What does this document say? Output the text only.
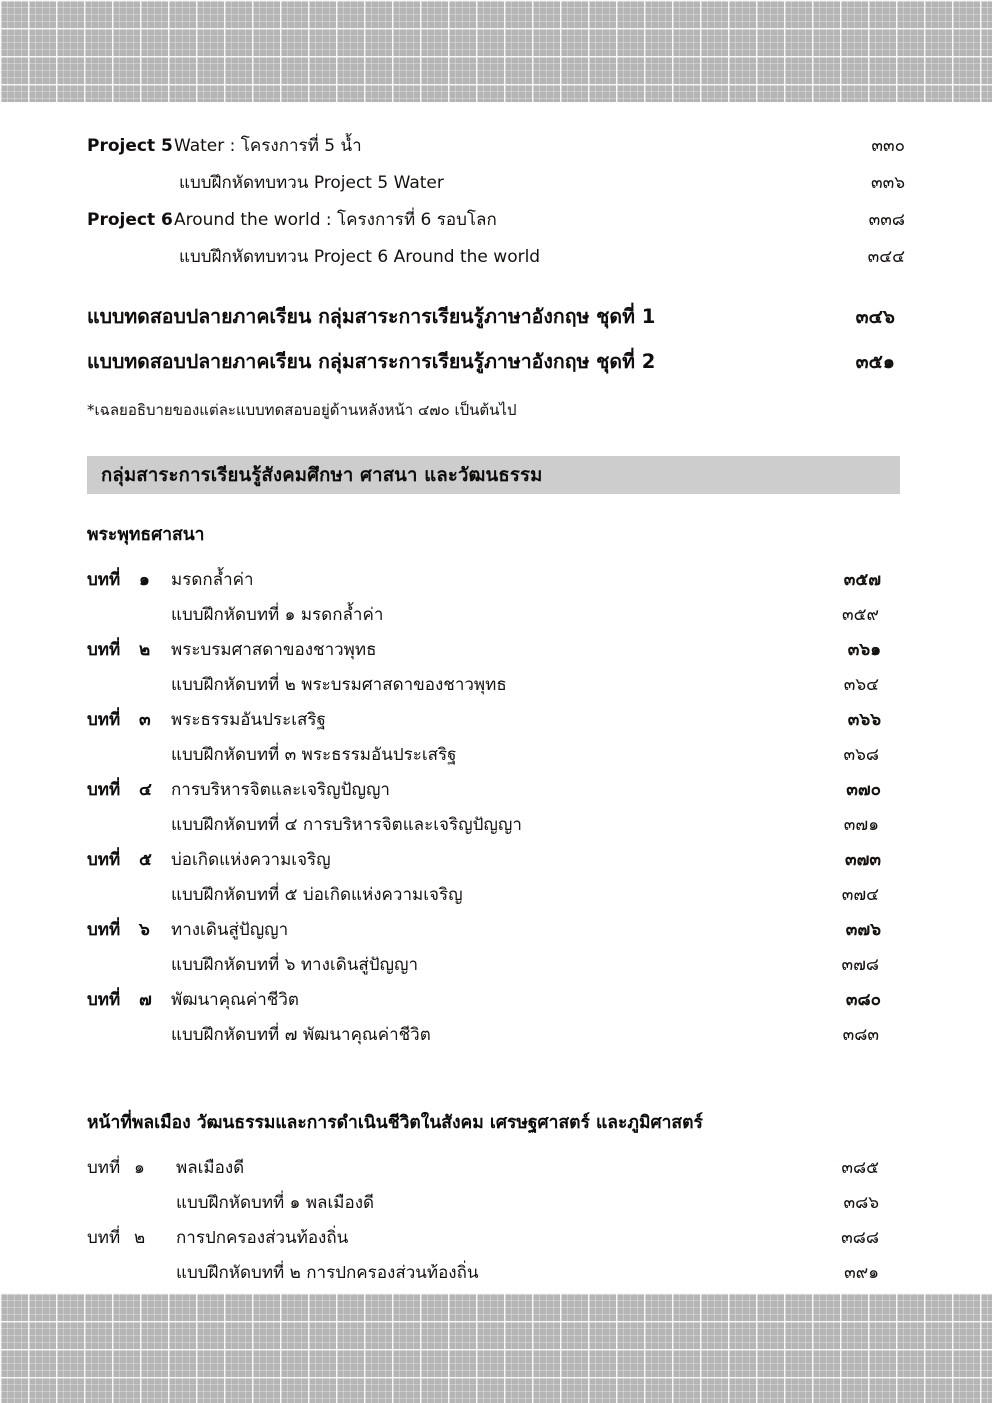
Project 5 Water : โครงการที่ 5 น้ำ	๓๓๐
แบบฝึกหัดทบทวน Project 5 Water	๓๓๖
Project 6 Around the world : โครงการที่ 6 รอบโลก	๓๓๘
แบบฝึกหัดทบทวน Project 6 Around the world	๓๔๔
แบบทดสอบปลายภาคเรียน กลุ่มสาระการเรียนรู้ภาษาอังกฤษ ชุดที่ 1	๓๔๖
แบบทดสอบปลายภาคเรียน กลุ่มสาระการเรียนรู้ภาษาอังกฤษ ชุดที่ 2	๓๕๑
*เฉลยอธิบายของแต่ละแบบทดสอบอยู่ด้านหลังหน้า ๔๗๐ เป็นต้นไป
กลุ่มสาระการเรียนรู้สังคมศึกษา ศาสนา และวัฒนธรรม
พระพุทธศาสนา
บทที่	๑	มรดกล้ำค่า	๓๕๗
แบบฝึกหัดบทที่ ๑ มรดกล้ำค่า	๓๕๙
บทที่	๒	พระบรมศาสดาของชาวพุทธ	๓๖๑
แบบฝึกหัดบทที่ ๒ พระบรมศาสดาของชาวพุทธ	๓๖๔
บทที่	๓	พระธรรมอันประเสริฐ	๓๖๖
แบบฝึกหัดบทที่ ๓ พระธรรมอันประเสริฐ	๓๖๘
บทที่	๔	การบริหารจิตและเจริญปัญญา	๓๗๐
แบบฝึกหัดบทที่ ๔ การบริหารจิตและเจริญปัญญา	๓๗๑
บทที่	๕	บ่อเกิดแห่งความเจริญ	๓๗๓
แบบฝึกหัดบทที่ ๕ บ่อเกิดแห่งความเจริญ	๓๗๔
บทที่	๖	ทางเดินสู่ปัญญา	๓๗๖
แบบฝึกหัดบทที่ ๖ ทางเดินสู่ปัญญา	๓๗๘
บทที่	๗	พัฒนาคุณค่าชีวิต	๓๘๐
แบบฝึกหัดบทที่ ๗ พัฒนาคุณค่าชีวิต	๓๘๓
หน้าที่พลเมือง วัฒนธรรมและการดำเนินชีวิตในสังคม เศรษฐศาสตร์ และภูมิศาสตร์
บทที่ ๑	พลเมืองดี	๓๘๕
แบบฝึกหัดบทที่ ๑ พลเมืองดี	๓๘๖
บทที่ ๒	การปกครองส่วนท้องถิ่น	๓๘๘
แบบฝึกหัดบทที่ ๒ การปกครองส่วนท้องถิ่น	๓๙๑
